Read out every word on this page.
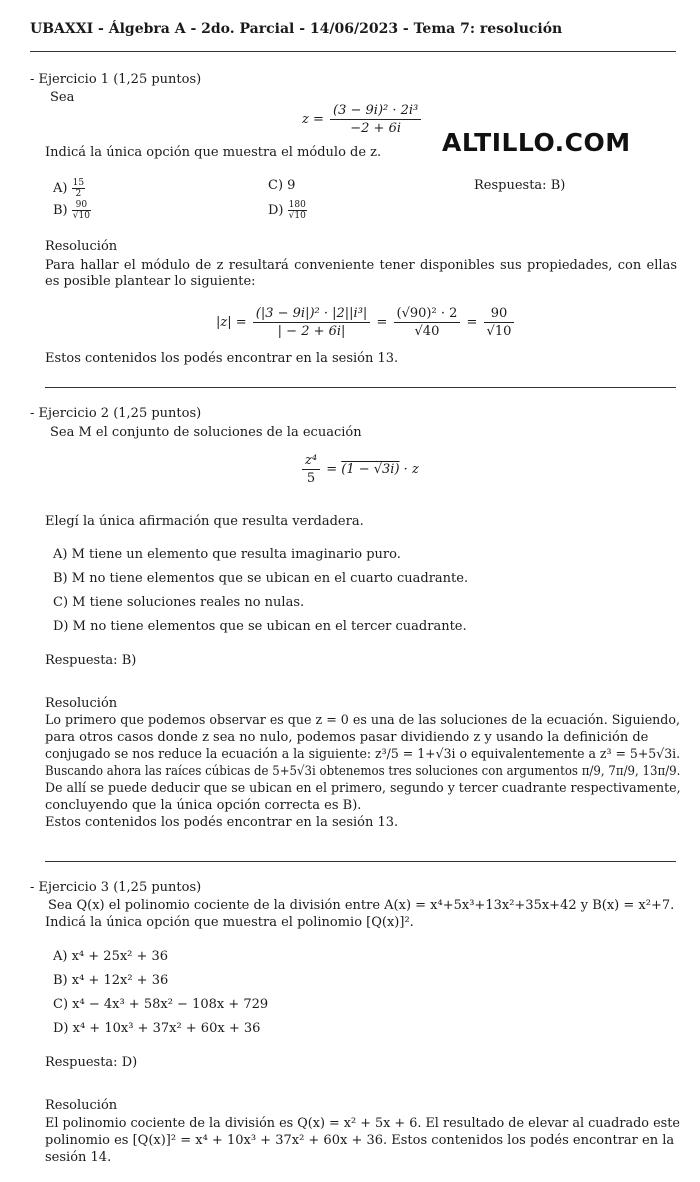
UBAXXI - Álgebra A - 2do. Parcial - 14/06/2023 - Tema 7: resolución
ALTILLO.COM
- Ejercicio 1 (1,25 puntos)
Sea
$z = \frac{\text{(3 − 9i)² · 2i³}}{-2 + 6i}$
Indicá la única opción que muestra el módulo de z.
$A) \frac{15}{2}$
$B) \frac{90}{√10}$
C) 9
$D) \frac{180}{√10}$
Respuesta: B)
Resolución
Para hallar el módulo de z resultará conveniente tener disponibles sus propiedades, con ellas es posible plantear lo siguiente:
$|z| = \frac{\text{(|3 − 9i|)² · |2||i³|}}{| - 2 + 6i|} = \frac{\text{(√90)² · 2}}{√40} = \frac{90}{√10}$
Estos contenidos los podés encontrar en la sesión 13.
- Ejercicio 2 (1,25 puntos)
Sea M el conjunto de soluciones de la ecuación
$\frac{\text{z⁴}}{5} = (1 - √3i) \cdot z$
Elegí la única afirmación que resulta verdadera.
A) M tiene un elemento que resulta imaginario puro.
B) M no tiene elementos que se ubican en el cuarto cuadrante.
C) M tiene soluciones reales no nulas.
D) M no tiene elementos que se ubican en el tercer cuadrante.
Respuesta: B)
Resolución
Lo primero que podemos observar es que z = 0 es una de las soluciones de la ecuación. Siguiendo,
para otros casos donde z sea no nulo, podemos pasar dividiendo z y usando la definición de
conjugado se nos reduce la ecuación a la siguiente: z³/5 = 1+√3i o equivalentemente a z³ = 5+5√3i.
Buscando ahora las raíces cúbicas de 5+5√3i obtenemos tres soluciones con argumentos π/9, 7π/9, 13π/9.
De allí se puede deducir que se ubican en el primero, segundo y tercer cuadrante respectivamente,
concluyendo que la única opción correcta es B).
Estos contenidos los podés encontrar en la sesión 13.
- Ejercicio 3 (1,25 puntos)
Sea Q(x) el polinomio cociente de la división entre A(x) = x⁴+5x³+13x²+35x+42 y B(x) = x²+7.
Indicá la única opción que muestra el polinomio [Q(x)]².
A) x⁴ + 25x² + 36
B) x⁴ + 12x² + 36
C) x⁴ − 4x³ + 58x² − 108x + 729
D) x⁴ + 10x³ + 37x² + 60x + 36
Respuesta: D)
Resolución
El polinomio cociente de la división es Q(x) = x² + 5x + 6. El resultado de elevar al cuadrado este
polinomio es [Q(x)]² = x⁴ + 10x³ + 37x² + 60x + 36. Estos contenidos los podés encontrar en la
sesión 14.
